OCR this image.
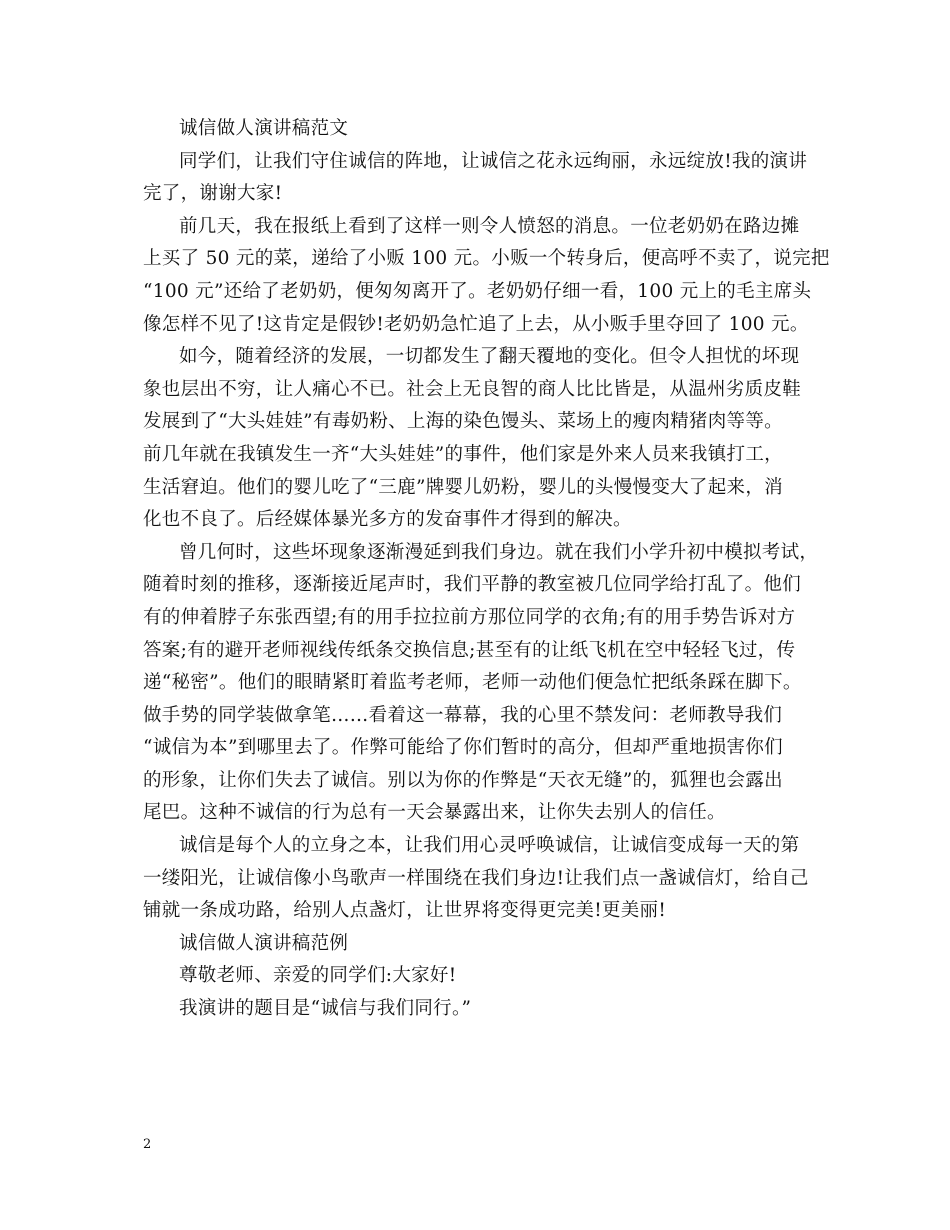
诚信做人演讲稿范文
同学们，让我们守住诚信的阵地，让诚信之花永远绚丽，永远绽放!我的演讲
完了，谢谢大家!
前几天，我在报纸上看到了这样一则令人愤怒的消息。一位老奶奶在路边摊
上买了 50 元的菜，递给了小贩 100 元。小贩一个转身后，便高呼不卖了，说完把
“100 元”还给了老奶奶，便匆匆离开了。老奶奶仔细一看，100 元上的毛主席头
像怎样不见了!这肯定是假钞!老奶奶急忙追了上去，从小贩手里夺回了 100 元。
如今，随着经济的发展，一切都发生了翻天覆地的变化。但令人担忧的坏现
象也层出不穷，让人痛心不已。社会上无良智的商人比比皆是，从温州劣质皮鞋
发展到了“大头娃娃”有毒奶粉、上海的染色馒头、菜场上的瘦肉精猪肉等等。
前几年就在我镇发生一齐“大头娃娃”的事件，他们家是外来人员来我镇打工，
生活窘迫。他们的婴儿吃了“三鹿”牌婴儿奶粉，婴儿的头慢慢变大了起来，消
化也不良了。后经媒体暴光多方的发奋事件才得到的解决。
曾几何时，这些坏现象逐渐漫延到我们身边。就在我们小学升初中模拟考试，
随着时刻的推移，逐渐接近尾声时，我们平静的教室被几位同学给打乱了。他们
有的伸着脖子东张西望;有的用手拉拉前方那位同学的衣角;有的用手势告诉对方
答案;有的避开老师视线传纸条交换信息;甚至有的让纸飞机在空中轻轻飞过，传
递“秘密”。他们的眼睛紧盯着监考老师，老师一动他们便急忙把纸条踩在脚下。
做手势的同学装做拿笔……看着这一幕幕，我的心里不禁发问：老师教导我们
“诚信为本”到哪里去了。作弊可能给了你们暂时的高分，但却严重地损害你们
的形象，让你们失去了诚信。别以为你的作弊是“天衣无缝”的，狐狸也会露出
尾巴。这种不诚信的行为总有一天会暴露出来，让你失去别人的信任。
诚信是每个人的立身之本，让我们用心灵呼唤诚信，让诚信变成每一天的第
一缕阳光，让诚信像小鸟歌声一样围绕在我们身边!让我们点一盏诚信灯，给自己
铺就一条成功路，给别人点盏灯，让世界将变得更完美!更美丽!
诚信做人演讲稿范例
尊敬老师、亲爱的同学们:大家好!
我演讲的题目是“诚信与我们同行。”
2
